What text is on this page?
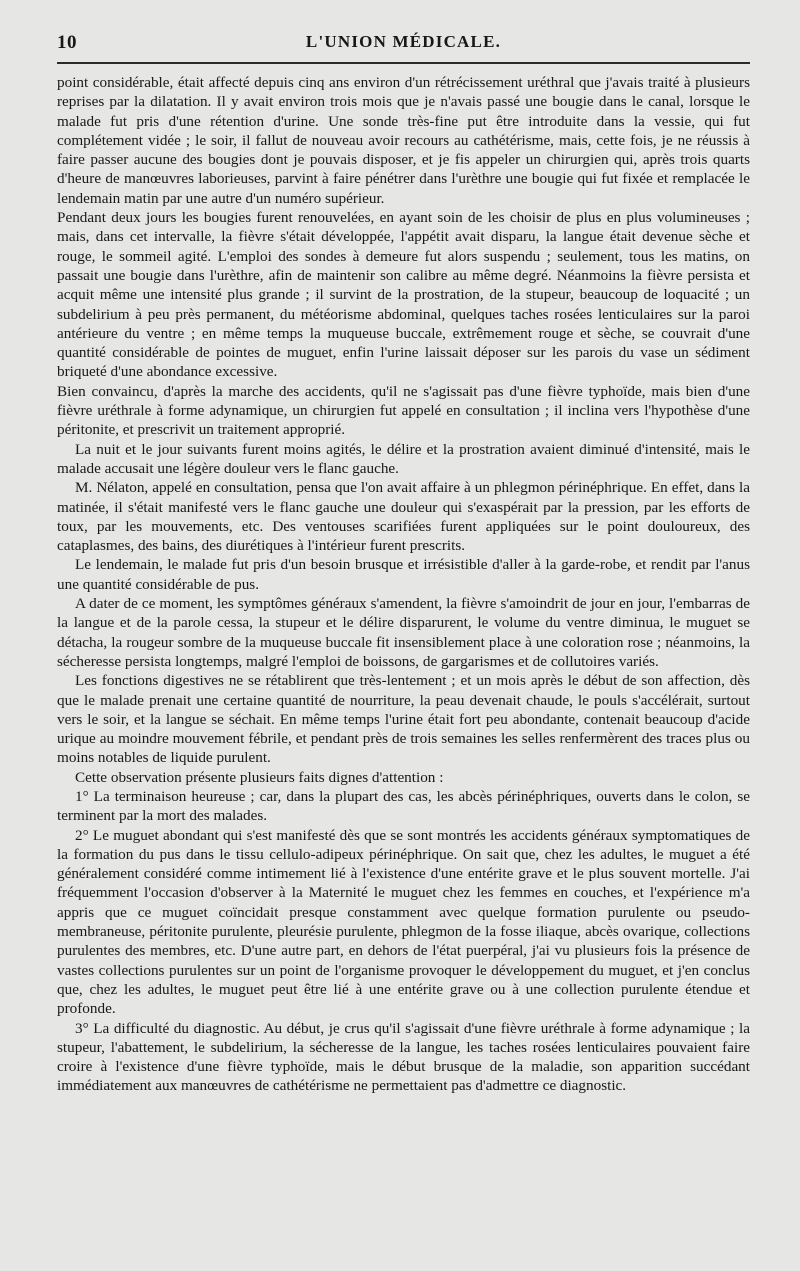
10	L'UNION MÉDICALE.

point considérable, était affecté depuis cinq ans environ d'un rétrécissement uréthral que j'avais traité à plusieurs reprises par la dilatation. Il y avait environ trois mois que je n'avais passé une bougie dans le canal, lorsque le malade fut pris d'une rétention d'urine. Une sonde très-fine put être introduite dans la vessie, qui fut complétement vidée ; le soir, il fallut de nouveau avoir recours au cathétérisme, mais, cette fois, je ne réussis à faire passer aucune des bougies dont je pouvais disposer, et je fis appeler un chirurgien qui, après trois quarts d'heure de manœuvres laborieuses, parvint à faire pénétrer dans l'urèthre une bougie qui fut fixée et remplacée le lendemain matin par une autre d'un numéro supérieur.

Pendant deux jours les bougies furent renouvelées, en ayant soin de les choisir de plus en plus volumineuses ; mais, dans cet intervalle, la fièvre s'était développée, l'appétit avait disparu, la langue était devenue sèche et rouge, le sommeil agité. L'emploi des sondes à demeure fut alors suspendu ; seulement, tous les matins, on passait une bougie dans l'urèthre, afin de maintenir son calibre au même degré. Néanmoins la fièvre persista et acquit même une intensité plus grande ; il survint de la prostration, de la stupeur, beaucoup de loquacité ; un subdelirium à peu près permanent, du météorisme abdominal, quelques taches rosées lenticulaires sur la paroi antérieure du ventre ; en même temps la muqueuse buccale, extrêmement rouge et sèche, se couvrait d'une quantité considérable de pointes de muguet, enfin l'urine laissait déposer sur les parois du vase un sédiment briqueté d'une abondance excessive.

Bien convaincu, d'après la marche des accidents, qu'il ne s'agissait pas d'une fièvre typhoïde, mais bien d'une fièvre uréthrale à forme adynamique, un chirurgien fut appelé en consultation ; il inclina vers l'hypothèse d'une péritonite, et prescrivit un traitement approprié.

La nuit et le jour suivants furent moins agités, le délire et la prostration avaient diminué d'intensité, mais le malade accusait une légère douleur vers le flanc gauche.

M. Nélaton, appelé en consultation, pensa que l'on avait affaire à un phlegmon périnéphrique. En effet, dans la matinée, il s'était manifesté vers le flanc gauche une douleur qui s'exaspérait par la pression, par les efforts de toux, par les mouvements, etc. Des ventouses scarifiées furent appliquées sur le point douloureux, des cataplasmes, des bains, des diurétiques à l'intérieur furent prescrits.

Le lendemain, le malade fut pris d'un besoin brusque et irrésistible d'aller à la garde-robe, et rendit par l'anus une quantité considérable de pus.

A dater de ce moment, les symptômes généraux s'amendent, la fièvre s'amoindrit de jour en jour, l'embarras de la langue et de la parole cessa, la stupeur et le délire disparurent, le volume du ventre diminua, le muguet se détacha, la rougeur sombre de la muqueuse buccale fit insensiblement place à une coloration rose ; néanmoins, la sécheresse persista longtemps, malgré l'emploi de boissons, de gargarismes et de collutoires variés.

Les fonctions digestives ne se rétablirent que très-lentement ; et un mois après le début de son affection, dès que le malade prenait une certaine quantité de nourriture, la peau devenait chaude, le pouls s'accélérait, surtout vers le soir, et la langue se séchait. En même temps l'urine était fort peu abondante, contenait beaucoup d'acide urique au moindre mouvement fébrile, et pendant près de trois semaines les selles renfermèrent des traces plus ou moins notables de liquide purulent.

Cette observation présente plusieurs faits dignes d'attention :

1° La terminaison heureuse ; car, dans la plupart des cas, les abcès périnéphriques, ouverts dans le colon, se terminent par la mort des malades.

2° Le muguet abondant qui s'est manifesté dès que se sont montrés les accidents généraux symptomatiques de la formation du pus dans le tissu cellulo-adipeux périnéphrique. On sait que, chez les adultes, le muguet a été généralement considéré comme intimement lié à l'existence d'une entérite grave et le plus souvent mortelle. J'ai fréquemment l'occasion d'observer à la Maternité le muguet chez les femmes en couches, et l'expérience m'a appris que ce muguet coïncidait presque constamment avec quelque formation purulente ou pseudo-membraneuse, péritonite purulente, pleurésie purulente, phlegmon de la fosse iliaque, abcès ovarique, collections purulentes des membres, etc. D'une autre part, en dehors de l'état puerpéral, j'ai vu plusieurs fois la présence de vastes collections purulentes sur un point de l'organisme provoquer le développement du muguet, et j'en conclus que, chez les adultes, le muguet peut être lié à une entérite grave ou à une collection purulente étendue et profonde.

3° La difficulté du diagnostic. Au début, je crus qu'il s'agissait d'une fièvre uréthrale à forme adynamique ; la stupeur, l'abattement, le subdelirium, la sécheresse de la langue, les taches rosées lenticulaires pouvaient faire croire à l'existence d'une fièvre typhoïde, mais le début brusque de la maladie, son apparition succédant immédiatement aux manœuvres de cathétérisme ne permettaient pas d'admettre ce diagnostic.
